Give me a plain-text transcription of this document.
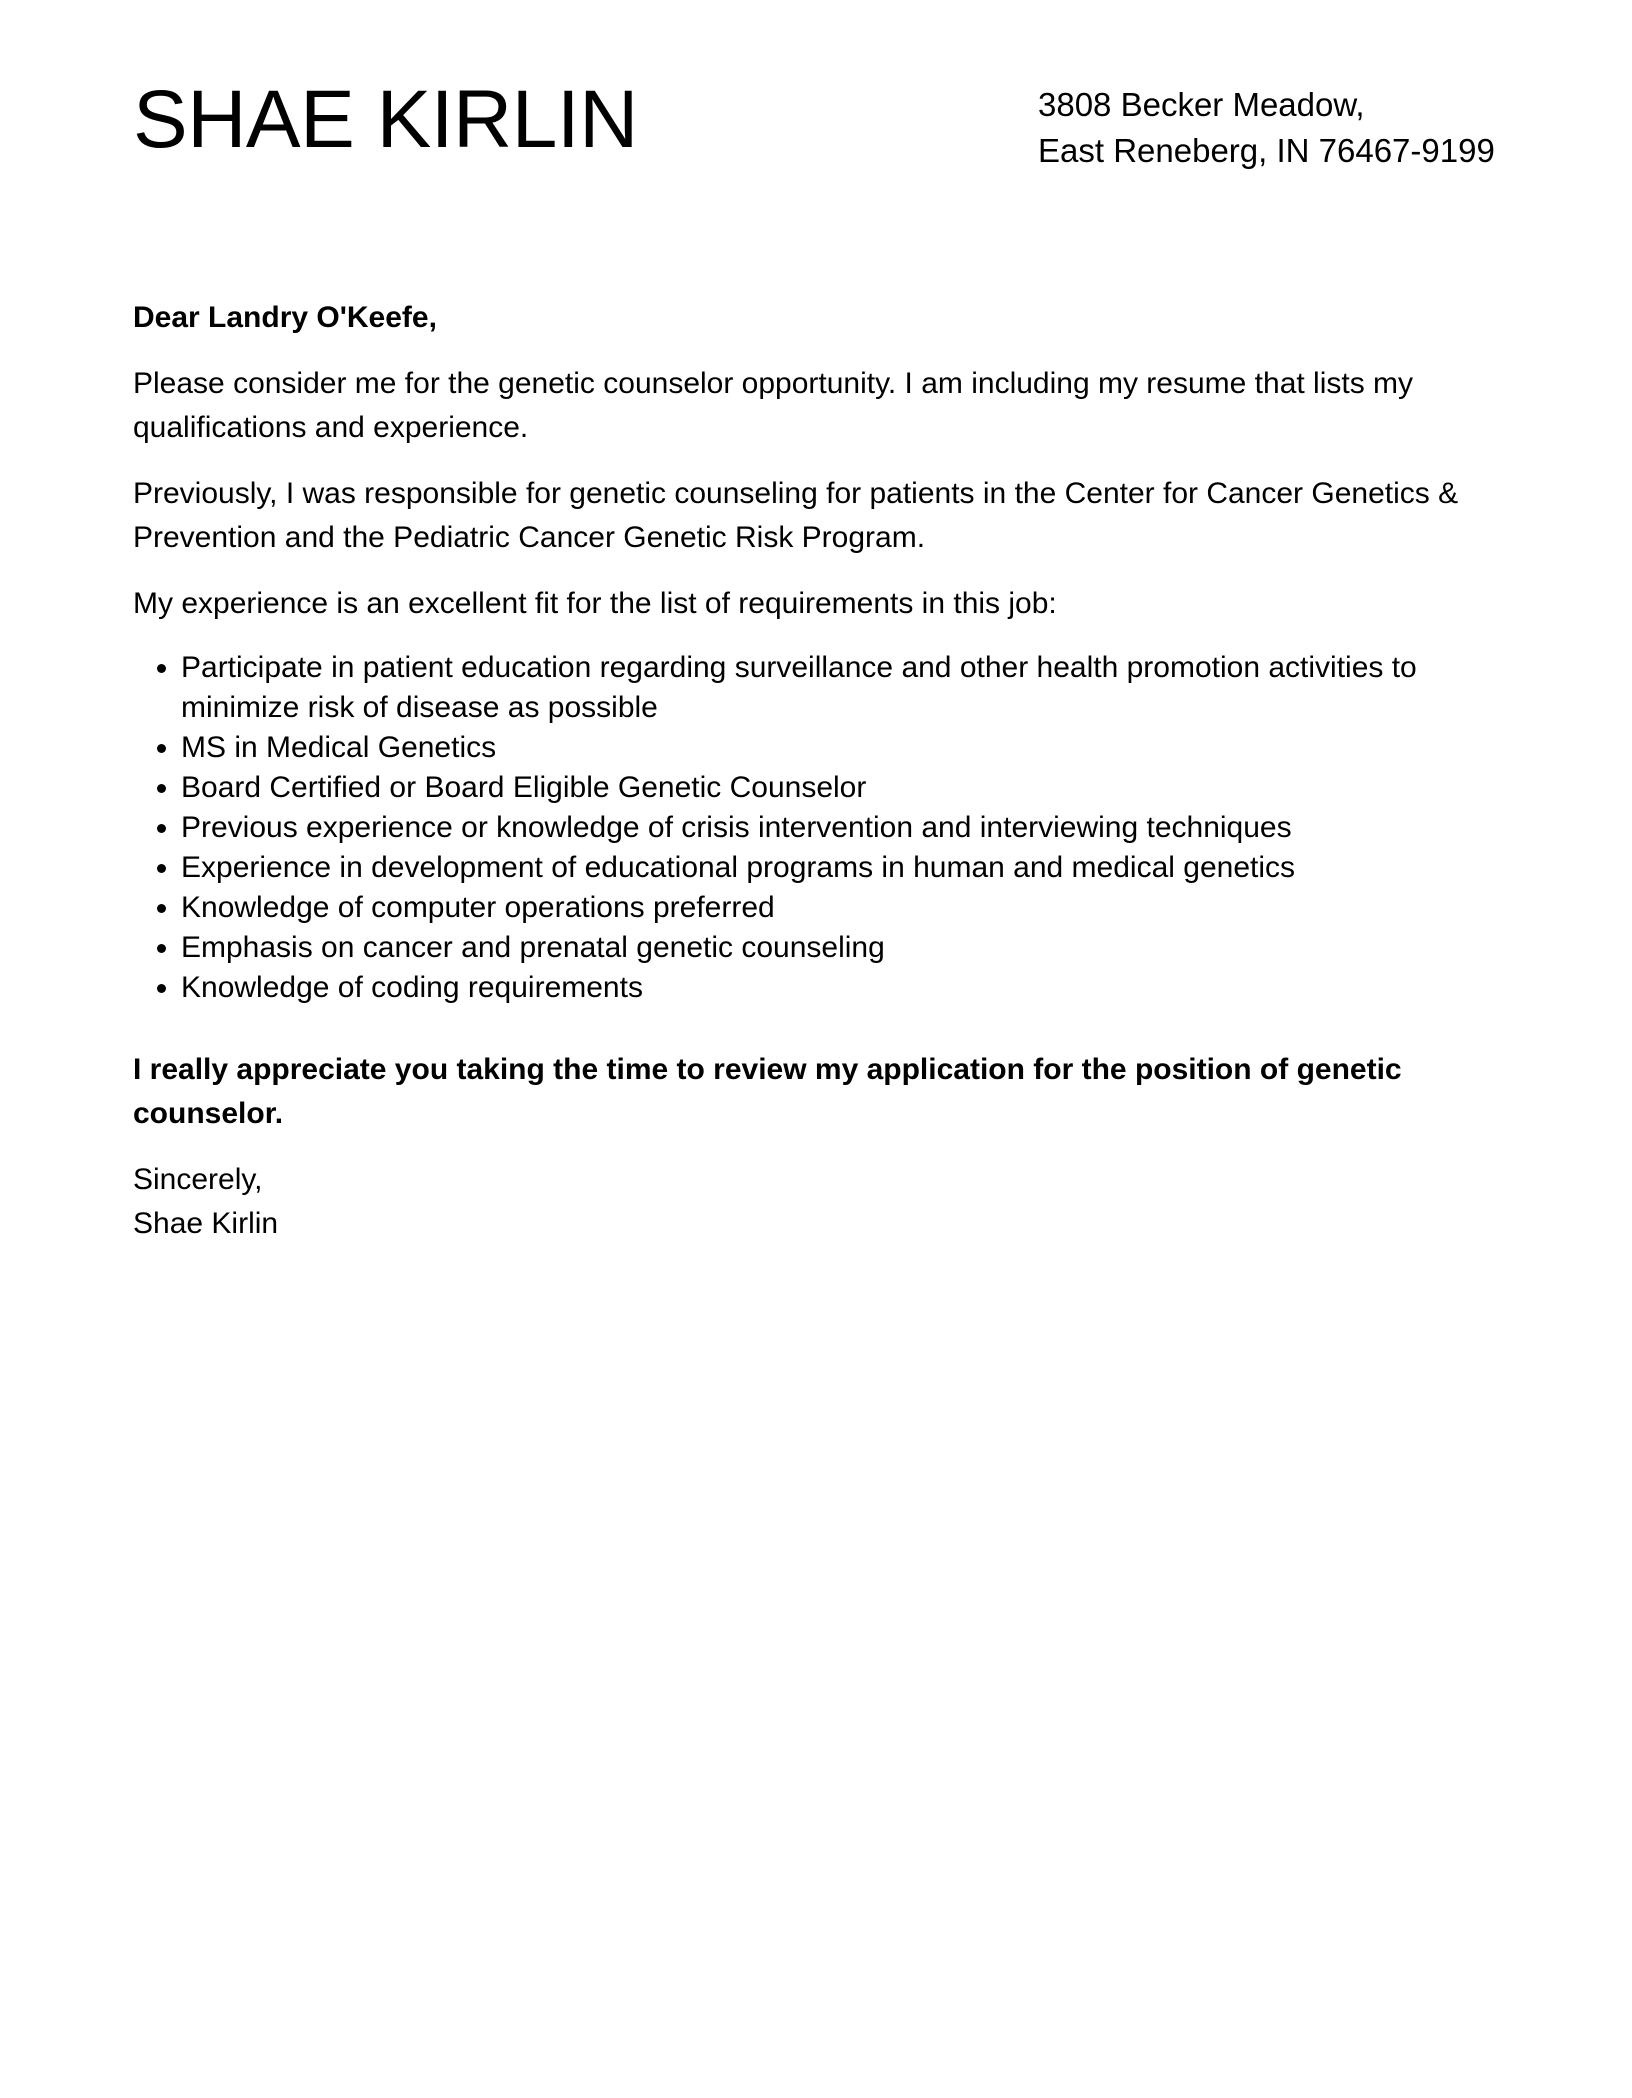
SHAE KIRLIN	3808 Becker Meadow,
East Reneberg, IN 76467-9199

Dear Landry O'Keefe,

Please consider me for the genetic counselor opportunity. I am including my resume that lists my qualifications and experience.

Previously, I was responsible for genetic counseling for patients in the Center for Cancer Genetics & Prevention and the Pediatric Cancer Genetic Risk Program.

My experience is an excellent fit for the list of requirements in this job:

• Participate in patient education regarding surveillance and other health promotion activities to minimize risk of disease as possible
• MS in Medical Genetics
• Board Certified or Board Eligible Genetic Counselor
• Previous experience or knowledge of crisis intervention and interviewing techniques
• Experience in development of educational programs in human and medical genetics
• Knowledge of computer operations preferred
• Emphasis on cancer and prenatal genetic counseling
• Knowledge of coding requirements

I really appreciate you taking the time to review my application for the position of genetic counselor.

Sincerely,
Shae Kirlin
